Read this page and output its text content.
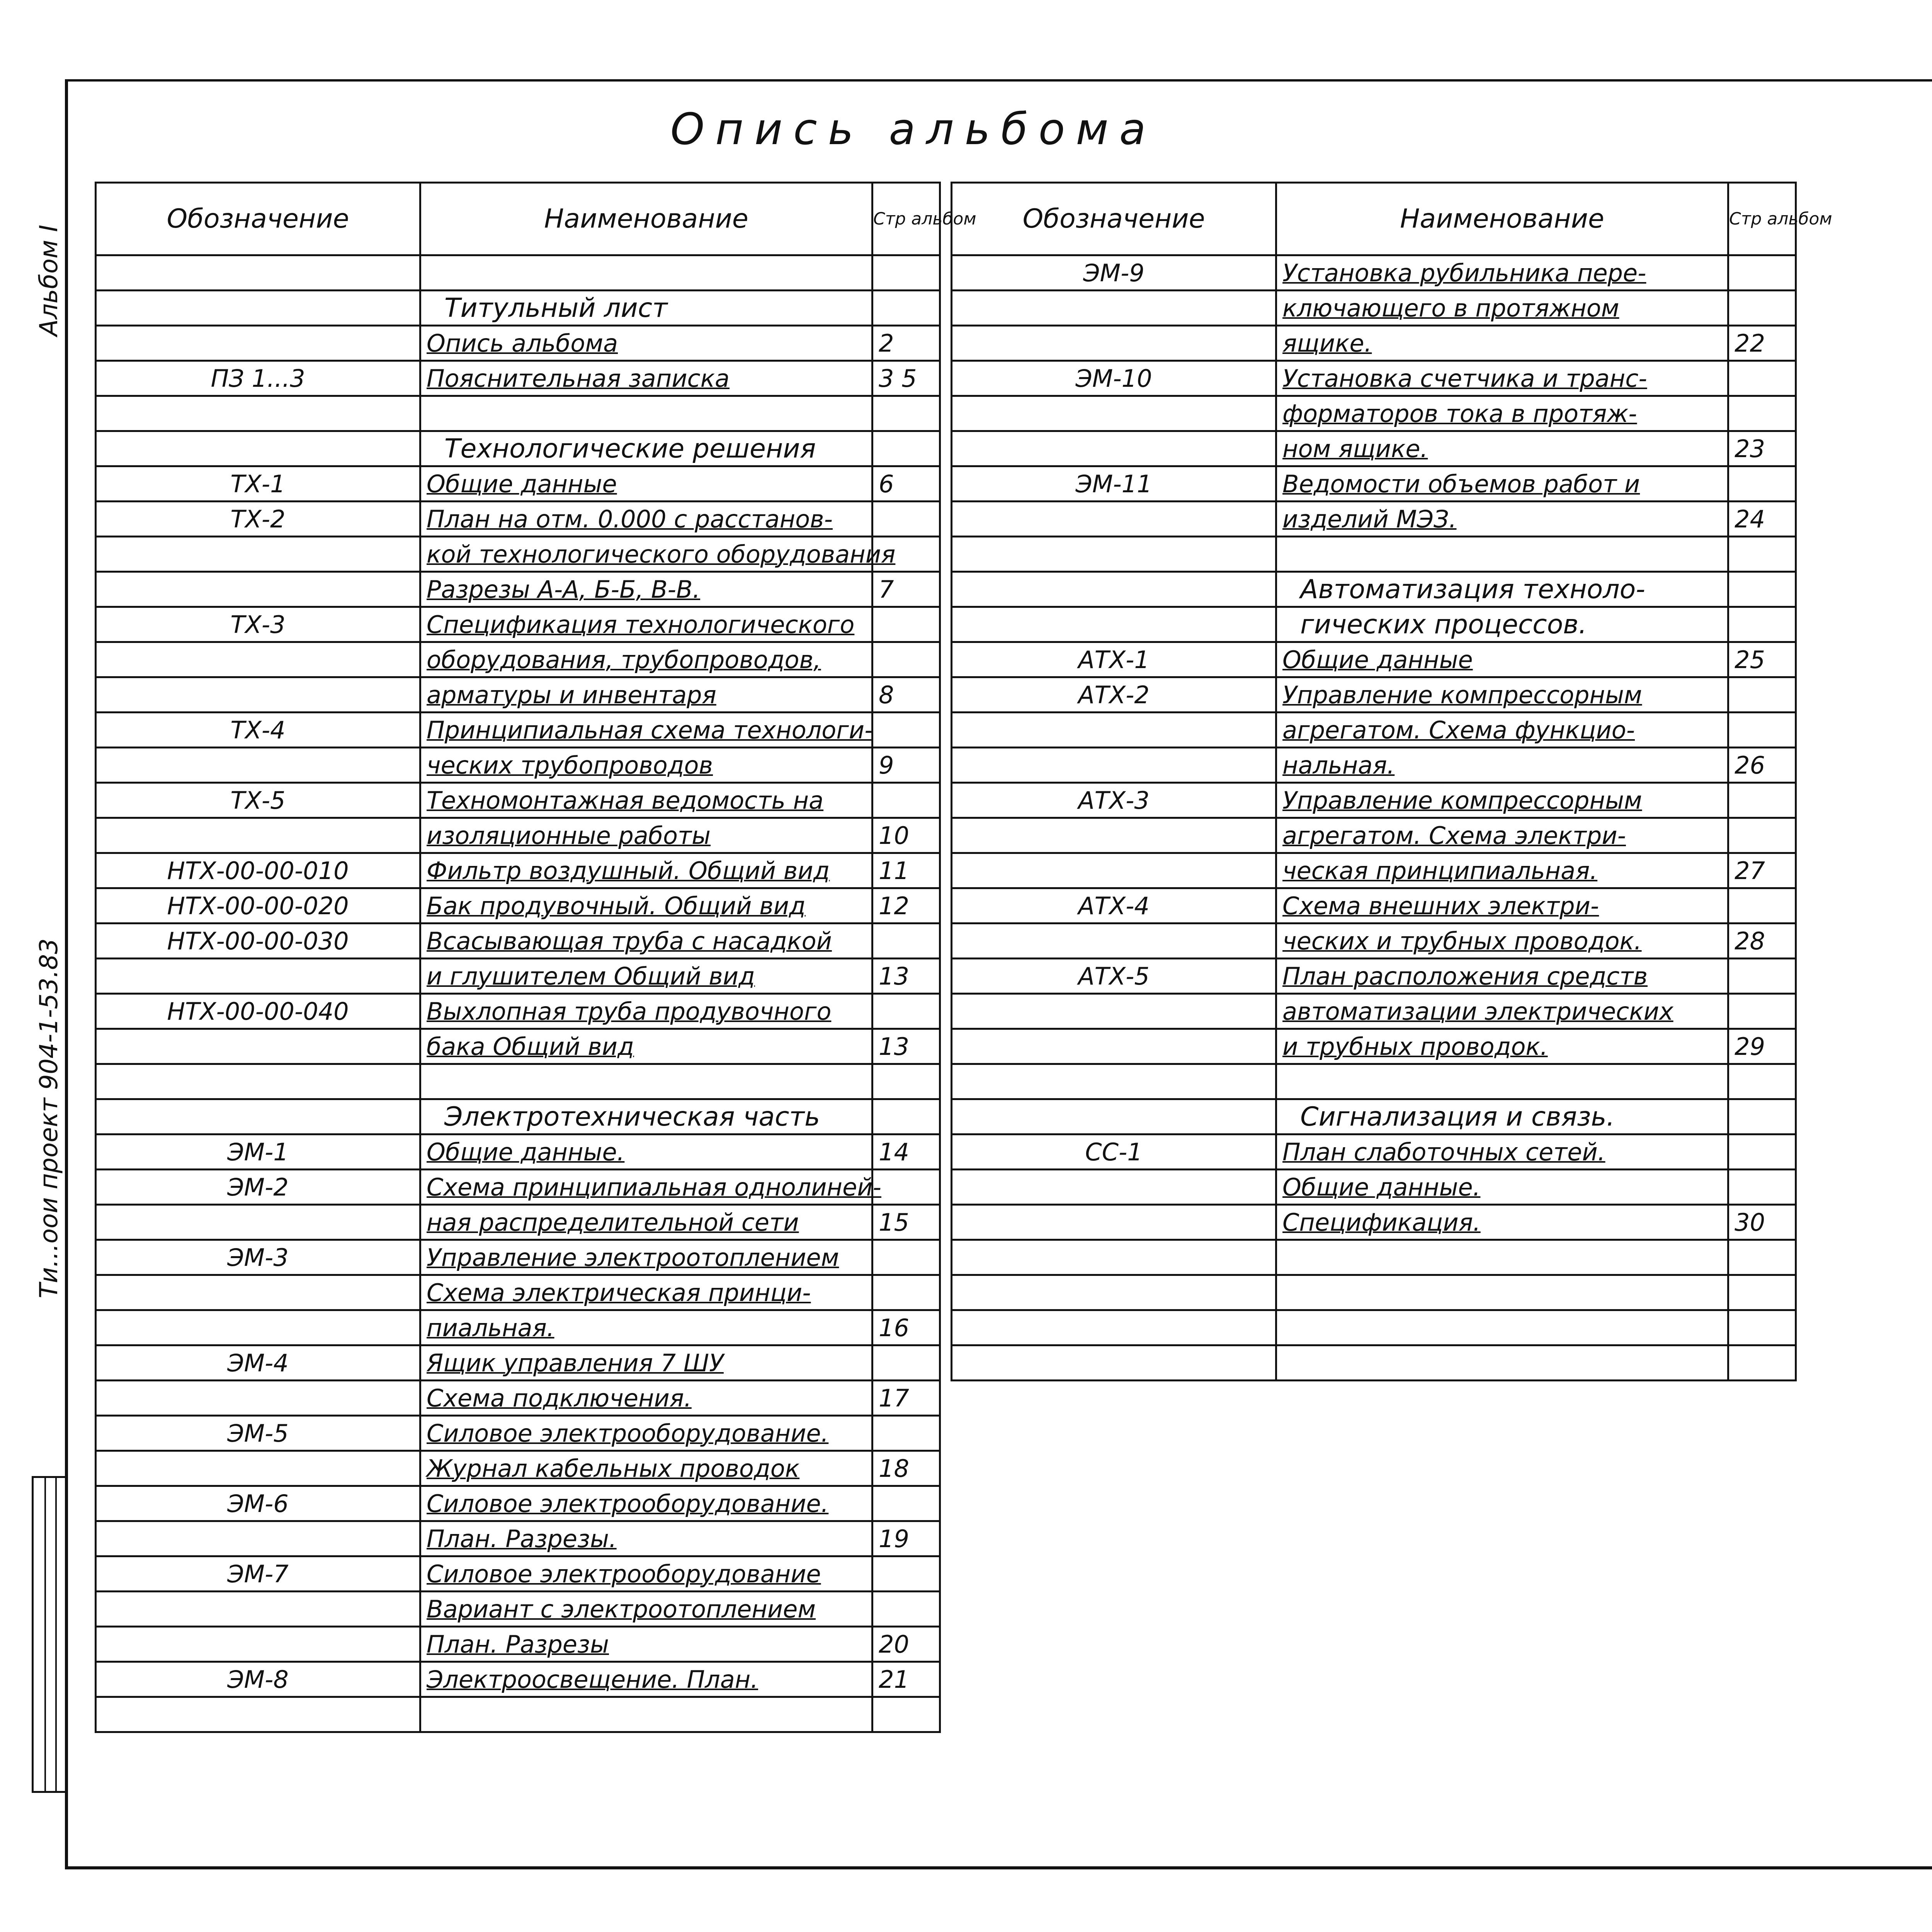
Альбом I
Ти...оои проект 904-1-53.83
Опись альбома
Обозначение	Наименование	Стр альбом

	Титульный лист	
	Опись альбома	2
ПЗ 1...3	Пояснительная записка	3 5

	Технологические решения	
ТХ-1	Общие данные	6
ТХ-2	План на отм. 0.000 с расстанов-	
	кой технологического оборудования	
	Разрезы А-А, Б-Б, В-В.	7
ТХ-3	Спецификация технологического	
	оборудования, трубопроводов,	
	арматуры и инвентаря	8
ТХ-4	Принципиальная схема технологи-	
	ческих трубопроводов	9
ТХ-5	Техномонтажная ведомость на	
	изоляционные работы	10
НТХ-00-00-010	Фильтр воздушный. Общий вид	11
НТХ-00-00-020	Бак продувочный. Общий вид	12
НТХ-00-00-030	Всасывающая труба с насадкой	
	и глушителем Общий вид	13
НТХ-00-00-040	Выхлопная труба продувочного	
	бака Общий вид	13

	Электротехническая часть	
ЭМ-1	Общие данные.	14
ЭМ-2	Схема принципиальная однолиней-	
	ная распределительной сети	15
ЭМ-3	Управление электроотоплением	
	Схема электрическая принци-	
	пиальная.	16
ЭМ-4	Ящик управления 7 ШУ	
	Схема подключения.	17
ЭМ-5	Силовое электрооборудование.	
	Журнал кабельных проводок	18
ЭМ-6	Силовое электрооборудование.	
	План. Разрезы.	19
ЭМ-7	Силовое электрооборудование	
	Вариант с электроотоплением	
	План. Разрезы	20
ЭМ-8	Электроосвещение. План.	21

Обозначение	Наименование	Стр альбом
ЭМ-9	Установка рубильника пере-	
	ключающего в протяжном	
	ящике.	22
ЭМ-10	Установка счетчика и транс-	
	форматоров тока в протяж-	
	ном ящике.	23
ЭМ-11	Ведомости объемов работ и	
	изделий МЭЗ.	24

	Автоматизация техноло-	
	гических процессов.	
АТХ-1	Общие данные	25
АТХ-2	Управление компрессорным	
	агрегатом. Схема функцио-	
	нальная.	26
АТХ-3	Управление компрессорным	
	агрегатом. Схема электри-	
	ческая принципиальная.	27
АТХ-4	Схема внешних электри-	
	ческих и трубных проводок.	28
АТХ-5	План расположения средств	
	автоматизации электрических	
	и трубных проводок.	29

	Сигнализация и связь.	
СС-1	План слаботочных сетей.	
	Общие данные.	
	Спецификация.	30
